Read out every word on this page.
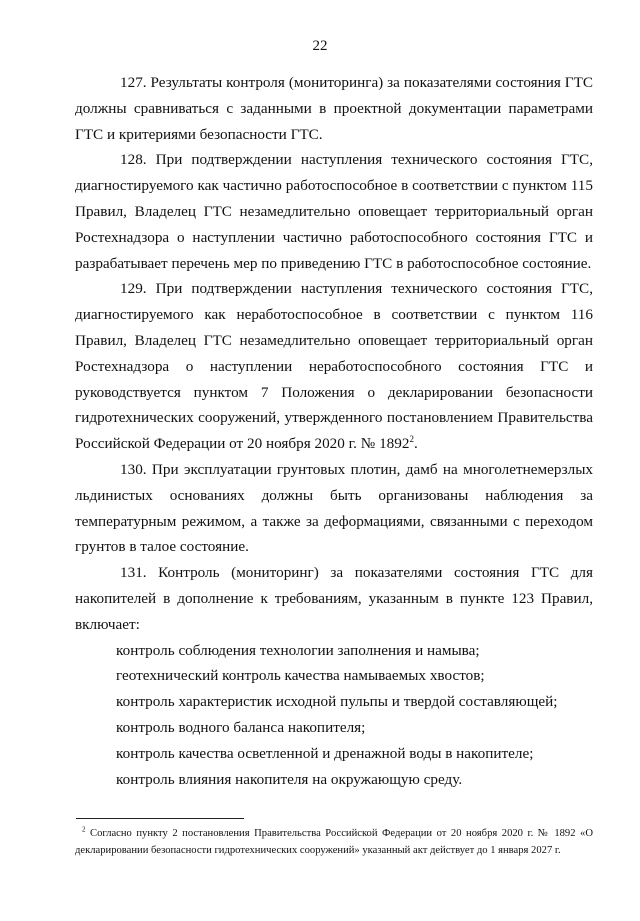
22

127. Результаты контроля (мониторинга) за показателями состояния ГТС должны сравниваться с заданными в проектной документации параметрами ГТС и критериями безопасности ГТС.

128. При подтверждении наступления технического состояния ГТС, диагностируемого как частично работоспособное в соответствии с пунктом 115 Правил, Владелец ГТС незамедлительно оповещает территориальный орган Ростехнадзора о наступлении частично работоспособного состояния ГТС и разрабатывает перечень мер по приведению ГТС в работоспособное состояние.

129. При подтверждении наступления технического состояния ГТС, диагностируемого как неработоспособное в соответствии с пунктом 116 Правил, Владелец ГТС незамедлительно оповещает территориальный орган Ростехнадзора о наступлении неработоспособного состояния ГТС и руководствуется пунктом 7 Положения о декларировании безопасности гидротехнических сооружений, утвержденного постановлением Правительства Российской Федерации от 20 ноября 2020 г. № 1892$^2$.

130. При эксплуатации грунтовых плотин, дамб на многолетнемерзлых льдинистых основаниях должны быть организованы наблюдения за температурным режимом, а также за деформациями, связанными с переходом грунтов в талое состояние.

131. Контроль (мониторинг) за показателями состояния ГТС для накопителей в дополнение к требованиям, указанным в пункте 123 Правил, включает:

контроль соблюдения технологии заполнения и намыва;

геотехнический контроль качества намываемых хвостов;

контроль характеристик исходной пульпы и твердой составляющей;

контроль водного баланса накопителя;

контроль качества осветленной и дренажной воды в накопителе;

контроль влияния накопителя на окружающую среду.

$^2$ Согласно пункту 2 постановления Правительства Российской Федерации от 20 ноября 2020 г. № 1892 «О декларировании безопасности гидротехнических сооружений» указанный акт действует до 1 января 2027 г.
